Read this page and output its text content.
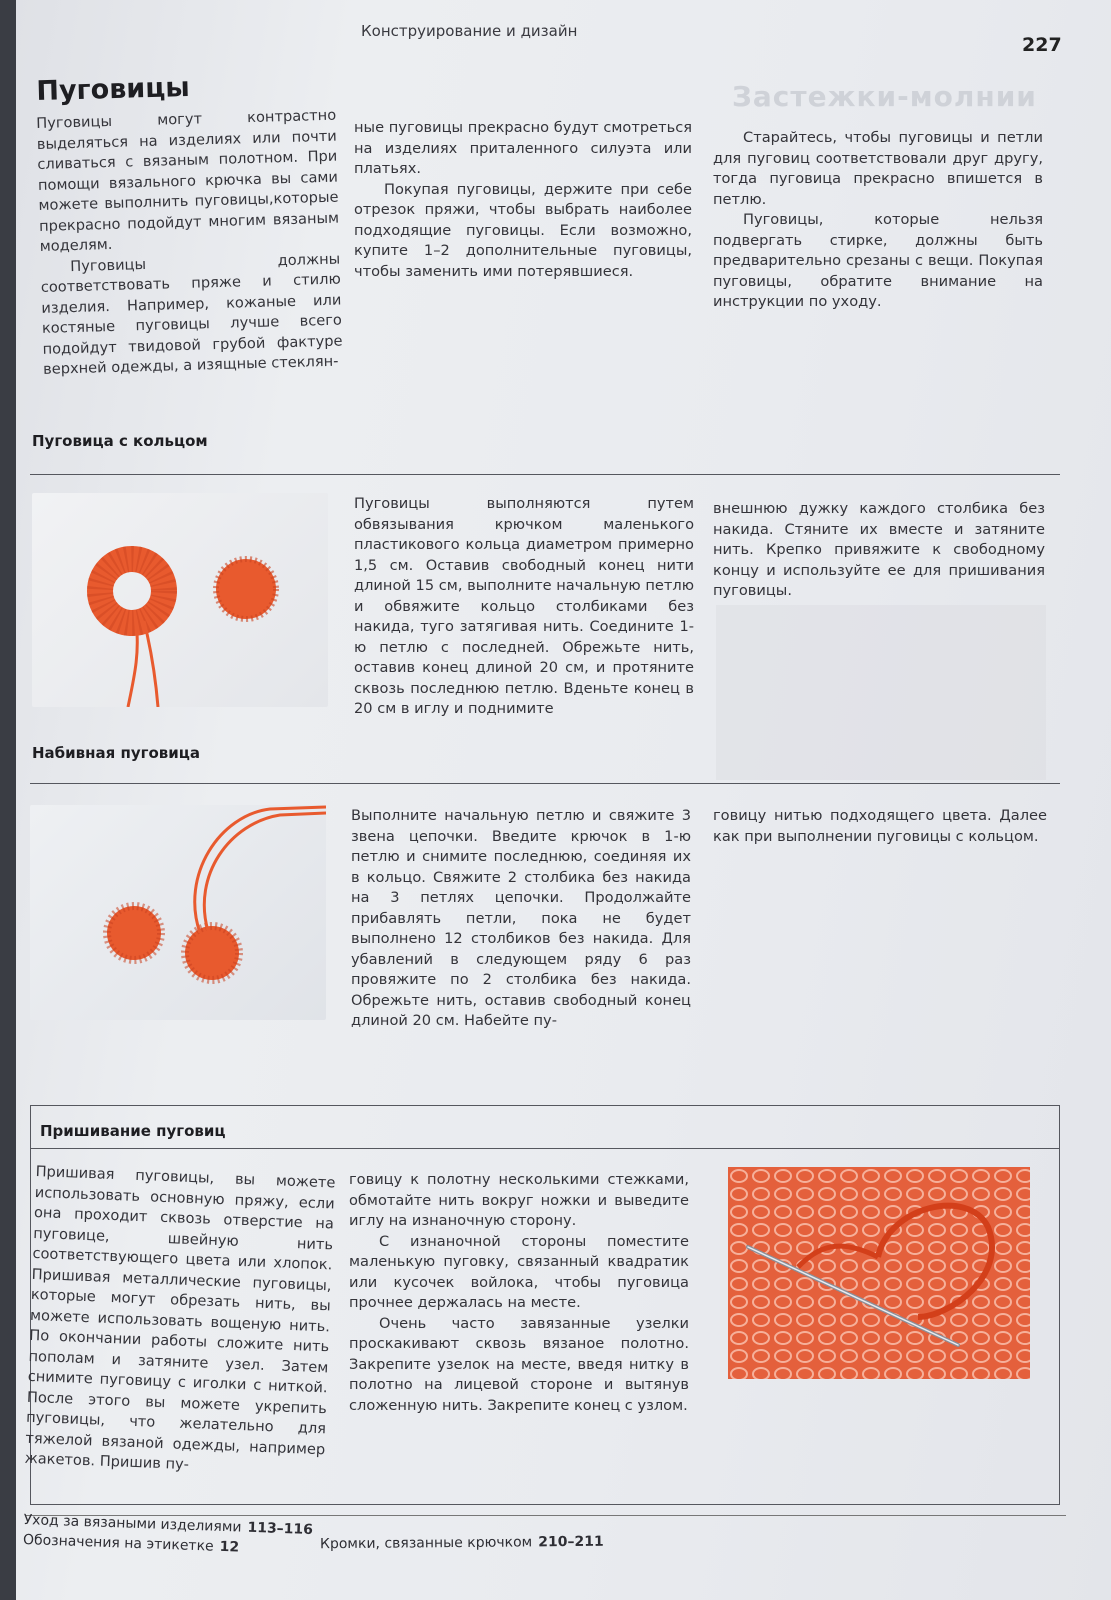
Конструирование и дизайн
227
Застежки-молнии
Пуговицы

Пуговицы могут контрастно выделяться на изделиях или почти сливаться с вязаным полотном. При помощи вязального крючка вы сами можете выполнить пуговицы,которые прекрасно подойдут многим вязаным моделям.

Пуговицы должны соответствовать пряже и стилю изделия. Например, кожаные или костяные пуговицы лучше всего подойдут твидовой грубой фактуре верхней одежды, а изящные стеклян-

ные пуговицы прекрасно будут смотреться на изделиях приталенного силуэта или платьях.

Покупая пуговицы, держите при себе отрезок пряжи, чтобы выбрать наиболее подходящие пуговицы. Если возможно, купите 1–2 дополнительные пуговицы, чтобы заменить ими потерявшиеся.

Старайтесь, чтобы пуговицы и петли для пуговиц соответствовали друг другу, тогда пуговица прекрасно впишется в петлю.

Пуговицы, которые нельзя подвергать стирке, должны быть предварительно срезаны с вещи. Покупая пуговицы, обратите внимание на инструкции по уходу.

Пуговица с кольцом
Пуговицы выполняются путем обвязывания крючком маленького пластикового кольца диаметром примерно 1,5 см. Оставив свободный конец нити длиной 15 см, выполните начальную петлю и обвяжите кольцо столбиками без накида, туго затягивая нить. Соедините 1-ю петлю с последней. Обрежьте нить, оставив конец длиной 20 см, и протяните сквозь последнюю петлю. Вденьте конец в 20 см в иглу и поднимите
внешнюю дужку каждого столбика без накида. Стяните их вместе и затяните нить. Крепко привяжите к свободному концу и используйте ее для пришивания пуговицы.
Набивная пуговица
Выполните начальную петлю и свяжите 3 звена цепочки. Введите крючок в 1-ю петлю и снимите последнюю, соединяя их в кольцо. Свяжите 2 столбика без накида на 3 петлях цепочки. Продолжайте прибавлять петли, пока не будет выполнено 12 столбиков без накида. Для убавлений в следующем ряду 6 раз провяжите по 2 столбика без накида. Обрежьте нить, оставив свободный конец длиной 20 см. Набейте пу-
говицу нитью подходящего цвета. Далее как при выполнении пуговицы с кольцом.
Пришивание пуговиц
Пришивая пуговицы, вы можете использовать основную пряжу, если она проходит сквозь отверстие на пуговице, швейную нить соответствующего цвета или хлопок. Пришивая металлические пуговицы, которые могут обрезать нить, вы можете использовать вощеную нить. По окончании работы сложите нить пополам и затяните узел. Затем снимите пуговицу с иголки с ниткой. После этого вы можете укрепить пуговицы, что желательно для тяжелой вязаной одежды, например жакетов. Пришив пу-

говицу к полотну несколькими стежками, обмотайте нить вокруг ножки и выведите иглу на изнаночную сторону.

С изнаночной стороны поместите маленькую пуговку, связанный квадратик или кусочек войлока, чтобы пуговица прочнее держалась на месте.

Очень часто завязанные узелки проскакивают сквозь вязаное полотно. Закрепите узелок на месте, введя нитку в полотно на лицевой стороне и вытянув сложенную нить. Закрепите конец с узлом.

Уход за вязаными изделиями 113–116
Обозначения на этикетке 12	Кромки, связанные крючком 210–211
